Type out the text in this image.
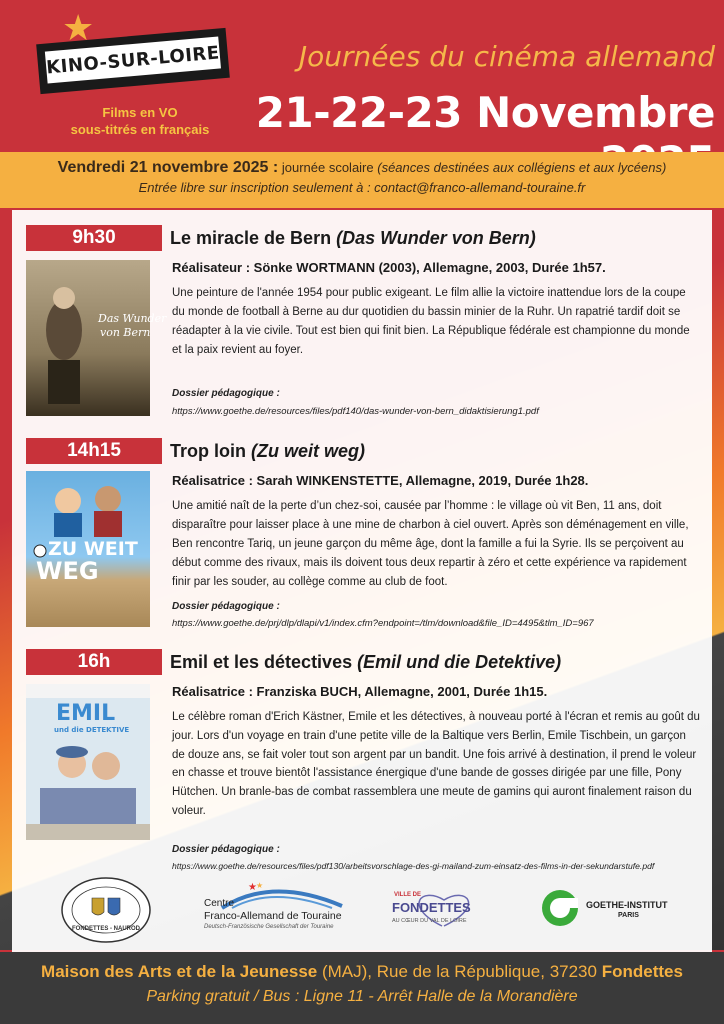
KINO-SUR-LOIRE
★
Films en VO
sous-titrés en français
Journées du cinéma allemand
21-22-23 Novembre
Vendredi 21 novembre 2025 : journée scolaire (séances destinées aux collégiens et aux lycéens)
Entrée libre sur inscription seulement à : contact@franco-allemand-touraine.fr
9h30
Das Wunder
von Bern
Le miracle de Bern (Das Wunder von Bern)
Réalisateur : Sönke WORTMANN (2003), Allemagne, 2003, Durée 1h57.
Une peinture de l'année 1954 pour public exigeant. Le film allie la victoire inattendue lors de la coupe du monde de football à Berne au dur quotidien du bassin minier de la Ruhr. Un rapatrié tardif doit se réadapter à la vie civile. Tout est bien qui finit bien. La République fédérale est championne du monde et la paix revient au foyer.
Dossier pédagogique :
https://www.goethe.de/resources/files/pdf140/das-wunder-von-bern_didaktisierung1.pdf
14h15
ZU WEIT
WEG
Trop loin (Zu weit weg)
Réalisatrice : Sarah WINKENSTETTE, Allemagne, 2019, Durée 1h28.
Une amitié naît de la perte d’un chez-soi, causée par l’homme : le village où vit Ben, 11 ans, doit disparaître pour laisser place à une mine de charbon à ciel ouvert. Après son déménagement en ville, Ben rencontre Tariq, un jeune garçon du même âge, dont la famille a fui la Syrie. Ils se perçoivent au début comme des rivaux, mais ils doivent tous deux repartir à zéro et cette expérience va rapidement finir par les souder, au collège comme au club de foot.
Dossier pédagogique :
https://www.goethe.de/prj/dlp/dlapi/v1/index.cfm?endpoint=/tlm/download&file_ID=4495&tlm_ID=967
16h
EMIL
und die DETEKTIVE
Emil et les détectives (Emil und die Detektive)
Réalisatrice : Franziska BUCH, Allemagne, 2001, Durée 1h15.
Le célèbre roman d'Erich Kästner, Emile et les détectives, à nouveau porté à l'écran et remis au goût du jour. Lors d'un voyage en train d'une petite ville de la Baltique vers Berlin, Emile Tischbein, un garçon de douze ans, se fait voler tout son argent par un bandit. Une fois arrivé à destination, il prend le voleur en chasse et trouve bientôt l'assistance énergique d'une bande de gosses dirigée par une fille, Pony Hütchen. Un branle-bas de combat rassemblera une meute de gamins qui auront finalement raison du voleur.
Dossier pédagogique :
https://www.goethe.de/resources/files/pdf130/arbeitsvorschlage-des-gi-mailand-zum-einsatz-des-films-in-der-sekundarstufe.pdf
FONDETTES - NAUROD
★ ★
Centre
Franco-Allemand de Touraine
Deutsch-Französische Gesellschaft der Touraine
VILLE DE
FONDETTES
AU CŒUR DU VAL DE LOIRE
GOETHE-INSTITUT
PARIS
Maison des Arts et de la Jeunesse (MAJ), Rue de la République, 37230 Fondettes
Parking gratuit / Bus : Ligne 11 - Arrêt Halle de la Morandière
